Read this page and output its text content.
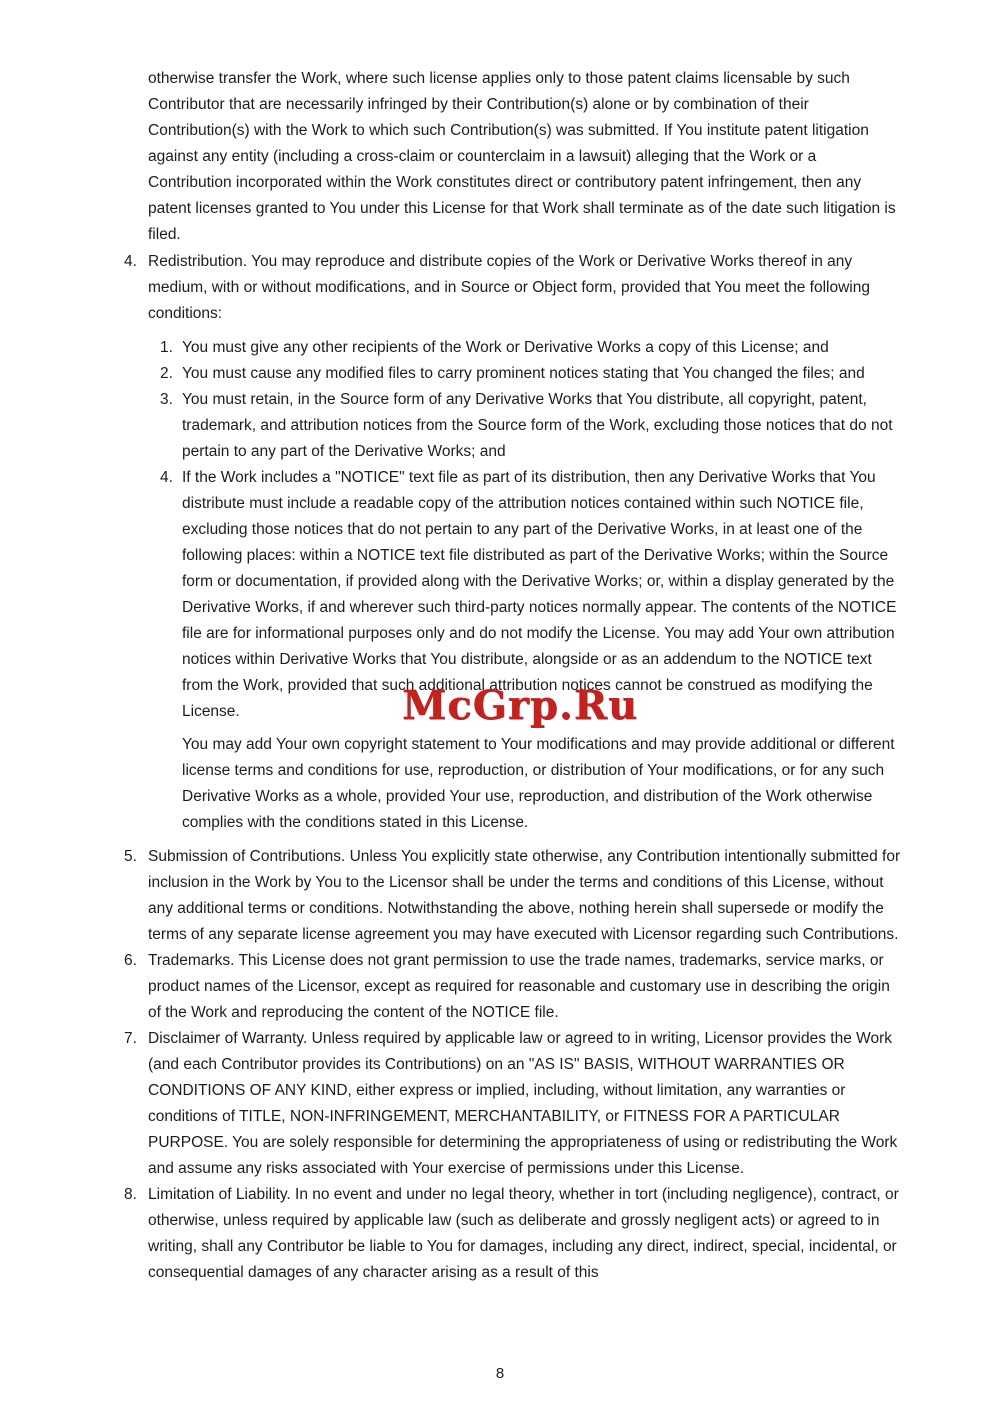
otherwise transfer the Work, where such license applies only to those patent claims licensable by such Contributor that are necessarily infringed by their Contribution(s) alone or by combination of their Contribution(s) with the Work to which such Contribution(s) was submitted. If You institute patent litigation against any entity (including a cross-claim or counterclaim in a lawsuit) alleging that the Work or a Contribution incorporated within the Work constitutes direct or contributory patent infringement, then any patent licenses granted to You under this License for that Work shall terminate as of the date such litigation is filed.

4. Redistribution. You may reproduce and distribute copies of the Work or Derivative Works thereof in any medium, with or without modifications, and in Source or Object form, provided that You meet the following conditions:

1. You must give any other recipients of the Work or Derivative Works a copy of this License; and

2. You must cause any modified files to carry prominent notices stating that You changed the files; and

3. You must retain, in the Source form of any Derivative Works that You distribute, all copyright, patent, trademark, and attribution notices from the Source form of the Work, excluding those notices that do not pertain to any part of the Derivative Works; and

4. If the Work includes a "NOTICE" text file as part of its distribution, then any Derivative Works that You distribute must include a readable copy of the attribution notices contained within such NOTICE file, excluding those notices that do not pertain to any part of the Derivative Works, in at least one of the following places: within a NOTICE text file distributed as part of the Derivative Works; within the Source form or documentation, if provided along with the Derivative Works; or, within a display generated by the Derivative Works, if and wherever such third-party notices normally appear. The contents of the NOTICE file are for informational purposes only and do not modify the License. You may add Your own attribution notices within Derivative Works that You distribute, alongside or as an addendum to the NOTICE text from the Work, provided that such additional attribution notices cannot be construed as modifying the License.

You may add Your own copyright statement to Your modifications and may provide additional or different license terms and conditions for use, reproduction, or distribution of Your modifications, or for any such Derivative Works as a whole, provided Your use, reproduction, and distribution of the Work otherwise complies with the conditions stated in this License.

5. Submission of Contributions. Unless You explicitly state otherwise, any Contribution intentionally submitted for inclusion in the Work by You to the Licensor shall be under the terms and conditions of this License, without any additional terms or conditions. Notwithstanding the above, nothing herein shall supersede or modify the terms of any separate license agreement you may have executed with Licensor regarding such Contributions.

6. Trademarks. This License does not grant permission to use the trade names, trademarks, service marks, or product names of the Licensor, except as required for reasonable and customary use in describing the origin of the Work and reproducing the content of the NOTICE file.

7. Disclaimer of Warranty. Unless required by applicable law or agreed to in writing, Licensor provides the Work (and each Contributor provides its Contributions) on an "AS IS" BASIS, WITHOUT WARRANTIES OR CONDITIONS OF ANY KIND, either express or implied, including, without limitation, any warranties or conditions of TITLE, NON-INFRINGEMENT, MERCHANTABILITY, or FITNESS FOR A PARTICULAR PURPOSE. You are solely responsible for determining the appropriateness of using or redistributing the Work and assume any risks associated with Your exercise of permissions under this License.

8. Limitation of Liability. In no event and under no legal theory, whether in tort (including negligence), contract, or otherwise, unless required by applicable law (such as deliberate and grossly negligent acts) or agreed to in writing, shall any Contributor be liable to You for damages, including any direct, indirect, special, incidental, or consequential damages of any character arising as a result of this

McGrp.Ru
8
